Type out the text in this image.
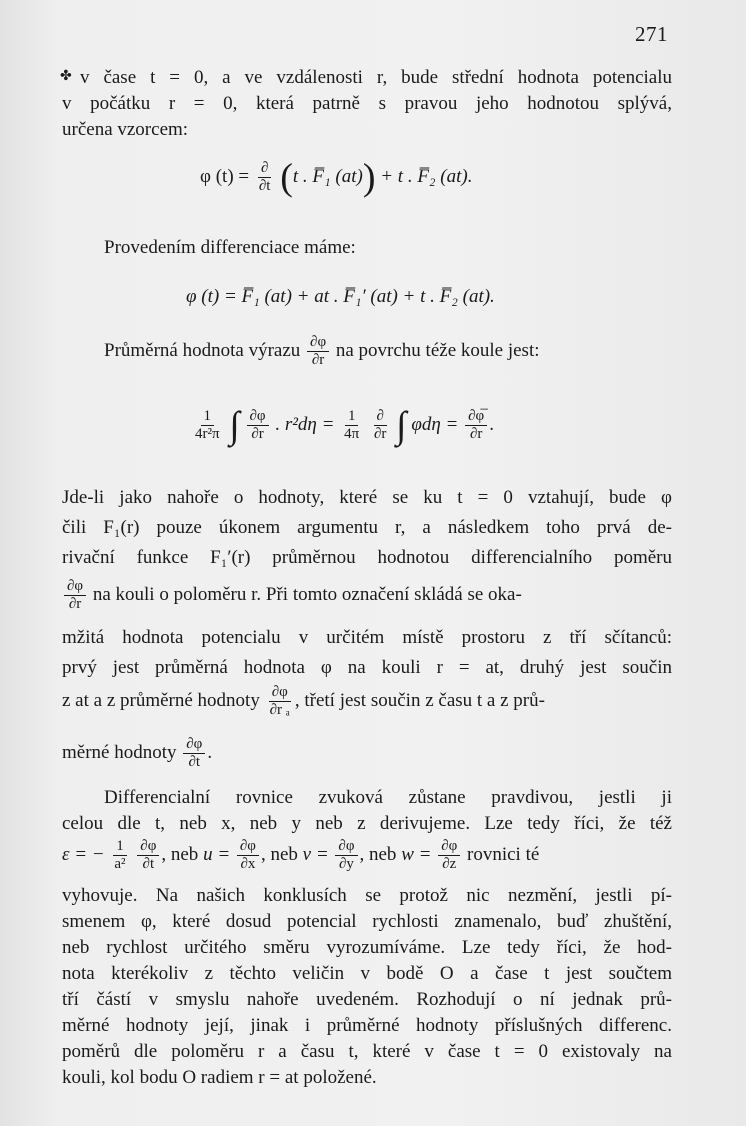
271
✤ v čase t = 0, a ve vzdálenosti r, bude střední hodnota potencialu
v počátku r = 0, která patrně s pravou jeho hodnotou splývá,
určena vzorcem:
φ $(t) = \frac{\partial}{\partial t} (t$ . F̅₁ (at)) + t . F̅₂ (at).
Provedením differenciace máme:
φ (t) = F̅₁ (at) + at . F̅₁′ (at) + t . F̅₂ (at).
Průměrná hodnota výrazu $\frac{\partial\varphi}{\partial r}$ na povrchu téže koule jest:
$\frac{1}{\text{4r²π}}$ ∫ $\frac{\partial\varphi}{\partial r}$ . $r^2d\eta = \frac{1}{4\pi}$
$\frac{\partial}{\partial r}$ ∫ $\varphi d\eta = \frac{\partial\varphi̅}{\partial r}$ .
Jde-li jako nahoře o hodnoty, které se ku t = 0 vztahují, bude φ
čili F₁(r) pouze úkonem argumentu r, a následkem toho prvá de-
rivační funkce F₁′(r) průměrnou hodnotou differencialního poměru
$\frac{\partial\varphi}{\partial r}$ na kouli o poloměru r. Při tomto označení skládá se oka-
mžitá hodnota potencialu v určitém místě prostoru z tří sčítanců:
prvý jest průměrná hodnota φ na kouli r = at, druhý jest součin
z at a z průměrné hodnoty $\frac{\partial\varphi}{\text{∂r ₐ}}$ , třetí jest součin z času t a z prů-
měrné hodnoty $\frac{\partial\varphi}{\partial t}$ .
Differencialní rovnice zvuková zůstane pravdivou, jestli ji
celou dle t, neb x, neb y neb z derivujeme. Lze tedy říci, že též
ε = − $\frac{1}{\text{a²}}$
$\frac{\partial\varphi}{\partial t}$ , neb $u = \frac{\partial\varphi}{\partial x}$ , neb $v = \frac{\partial\varphi}{\partial y}$ , neb $w = \frac{\partial\varphi}{\partial z}$ rovnici té
vyhovuje. Na našich konklusích se protož nic nezmění, jestli pí-
smenem φ, které dosud potencial rychlosti znamenalo, buď zhuštění,
neb rychlost určitého směru vyrozumíváme. Lze tedy říci, že hod-
nota kterékoliv z těchto veličin v bodě O a čase t jest součtem
tří částí v smyslu nahoře uvedeném. Rozhodují o ní jednak prů-
měrné hodnoty její, jinak i průměrné hodnoty příslušných differenc.
poměrů dle poloměru r a času t, které v čase t = 0 existovaly na
kouli, kol bodu O radiem r = at položené.
